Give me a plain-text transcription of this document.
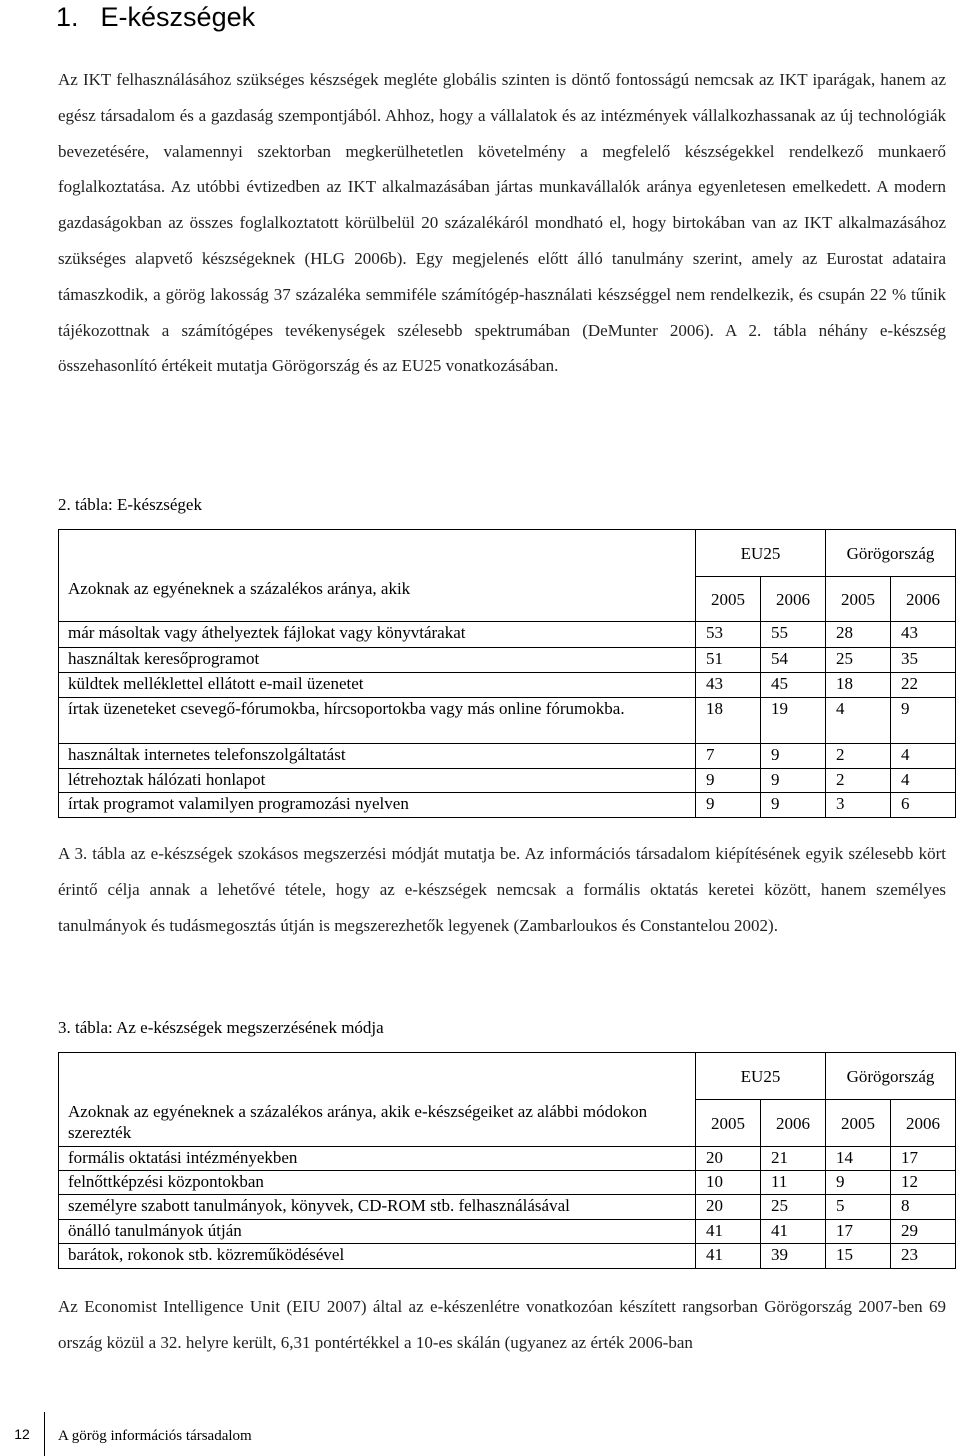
1. E-készségek

Az IKT felhasználásához szükséges készségek megléte globális szinten is döntő fontosságú nemcsak az IKT iparágak, hanem az egész társadalom és a gazdaság szempontjából. Ahhoz, hogy a vállalatok és az intézmények vállalkozhassanak az új technológiák bevezetésére, valamennyi szektorban megkerülhetetlen követelmény a megfelelő készségekkel rendelkező munkaerő foglalkoztatása. Az utóbbi évtizedben az IKT alkalmazásában jártas munkavállalók aránya egyenletesen emelkedett. A modern gazdaságokban az összes foglalkoztatott körülbelül 20 százalékáról mondható el, hogy birtokában van az IKT alkalmazásához szükséges alapvető készségeknek (HLG 2006b). Egy megjelenés előtt álló tanulmány szerint, amely az Eurostat adataira támaszkodik, a görög lakosság 37 százaléka semmiféle számítógép-használati készséggel nem rendelkezik, és csupán 22 % tűnik tájékozottnak a számítógépes tevékenységek szélesebb spektrumában (DeMunter 2006). A 2. tábla néhány e-készség összehasonlító értékeit mutatja Görögország és az EU25 vonatkozásában.

2. tábla: E-készségek
Azoknak az egyéneknek a százalékos aránya, akik	EU25		Görögország	
	2005	2006	2005	2006
már másoltak vagy áthelyeztek fájlokat vagy könyvtárakat	53	55	28	43
használtak keresőprogramot	51	54	25	35
küldtek melléklettel ellátott e-mail üzenetet	43	45	18	22
írtak üzeneteket csevegő-fórumokba, hírcsoportokba vagy más online fórumokba.	18	19	4	9
használtak internetes telefonszolgáltatást	7	9	2	4
létrehoztak hálózati honlapot	9	9	2	4
írtak programot valamilyen programozási nyelven	9	9	3	6

A 3. tábla az e-készségek szokásos megszerzési módját mutatja be. Az információs társadalom kiépítésének egyik szélesebb kört érintő célja annak a lehetővé tétele, hogy az e-készségek nemcsak a formális oktatás keretei között, hanem személyes tanulmányok és tudásmegosztás útján is megszerezhetők legyenek (Zambarloukos és Constantelou 2002).

3. tábla: Az e-készségek megszerzésének módja
Azoknak az egyéneknek a százalékos aránya, akik e-készségeiket az alábbi módokon szerezték	EU25		Görögország	
	2005	2006	2005	2006
formális oktatási intézményekben	20	21	14	17
felnőttképzési központokban	10	11	9	12
személyre szabott tanulmányok, könyvek, CD-ROM stb. felhasználásával	20	25	5	8
önálló tanulmányok útján	41	41	17	29
barátok, rokonok stb. közreműködésével	41	39	15	23

Az Economist Intelligence Unit (EIU 2007) által az e-készenlétre vonatkozóan készített rangsorban Görögország 2007-ben 69 ország közül a 32. helyre került, 6,31 pontértékkel a 10-es skálán (ugyanez az érték 2006-ban

12	A görög információs társadalom
